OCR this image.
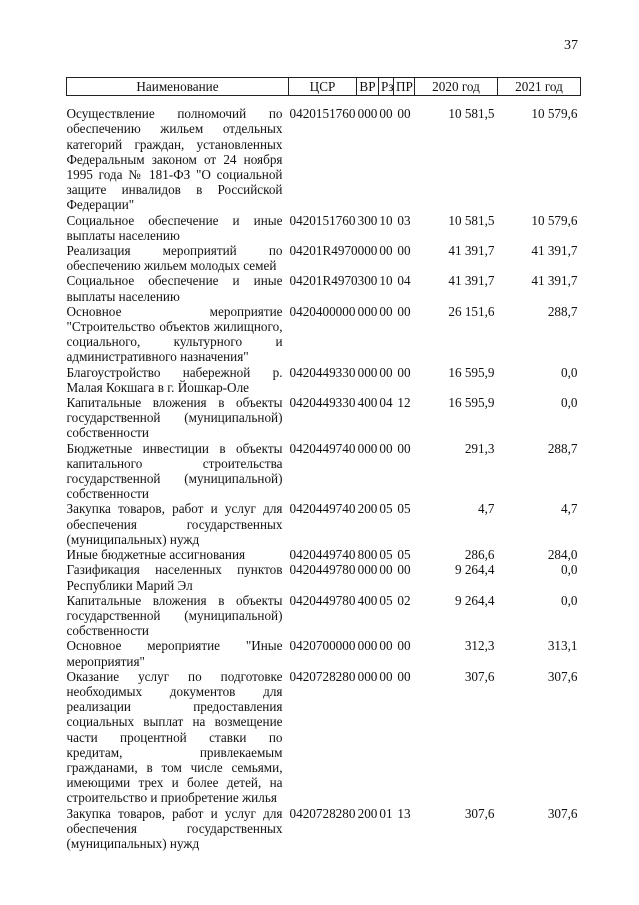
37
Наименование	ЦСР	ВР	Рз	ПР	2020 год	2021 год

Осуществление полномочий по обеспечению жильем отдельных категорий граждан, установленных Федеральным законом от 24 ноября 1995 года № 181-ФЗ "О социальной защите инвалидов в Российской Федерации"	0420151760	000	00	00	10 581,5	10 579,6
Социальное обеспечение и иные выплаты населению	0420151760	300	10	03	10 581,5	10 579,6
Реализация мероприятий по обеспечению жильем молодых семей	04201R4970	000	00	00	41 391,7	41 391,7
Социальное обеспечение и иные выплаты населению	04201R4970	300	10	04	41 391,7	41 391,7
Основное мероприятие "Строительство объектов жилищного, социального, культурного и административного назначения"	0420400000	000	00	00	26 151,6	288,7
Благоустройство набережной р. Малая Кокшага в г. Йошкар-Оле	0420449330	000	00	00	16 595,9	0,0
Капитальные вложения в объекты государственной (муниципальной) собственности	0420449330	400	04	12	16 595,9	0,0
Бюджетные инвестиции в объекты капитального строительства государственной (муниципальной) собственности	0420449740	000	00	00	291,3	288,7
Закупка товаров, работ и услуг для обеспечения государственных (муниципальных) нужд	0420449740	200	05	05	4,7	4,7
Иные бюджетные ассигнования	0420449740	800	05	05	286,6	284,0
Газификация населенных пунктов Республики Марий Эл	0420449780	000	00	00	9 264,4	0,0
Капитальные вложения в объекты государственной (муниципальной) собственности	0420449780	400	05	02	9 264,4	0,0
Основное мероприятие "Иные мероприятия"	0420700000	000	00	00	312,3	313,1
Оказание услуг по подготовке необходимых документов для реализации предоставления социальных выплат на возмещение части процентной ставки по кредитам, привлекаемым гражданами, в том числе семьями, имеющими трех и более детей, на строительство и приобретение жилья	0420728280	000	00	00	307,6	307,6
Закупка товаров, работ и услуг для обеспечения государственных (муниципальных) нужд	0420728280	200	01	13	307,6	307,6
